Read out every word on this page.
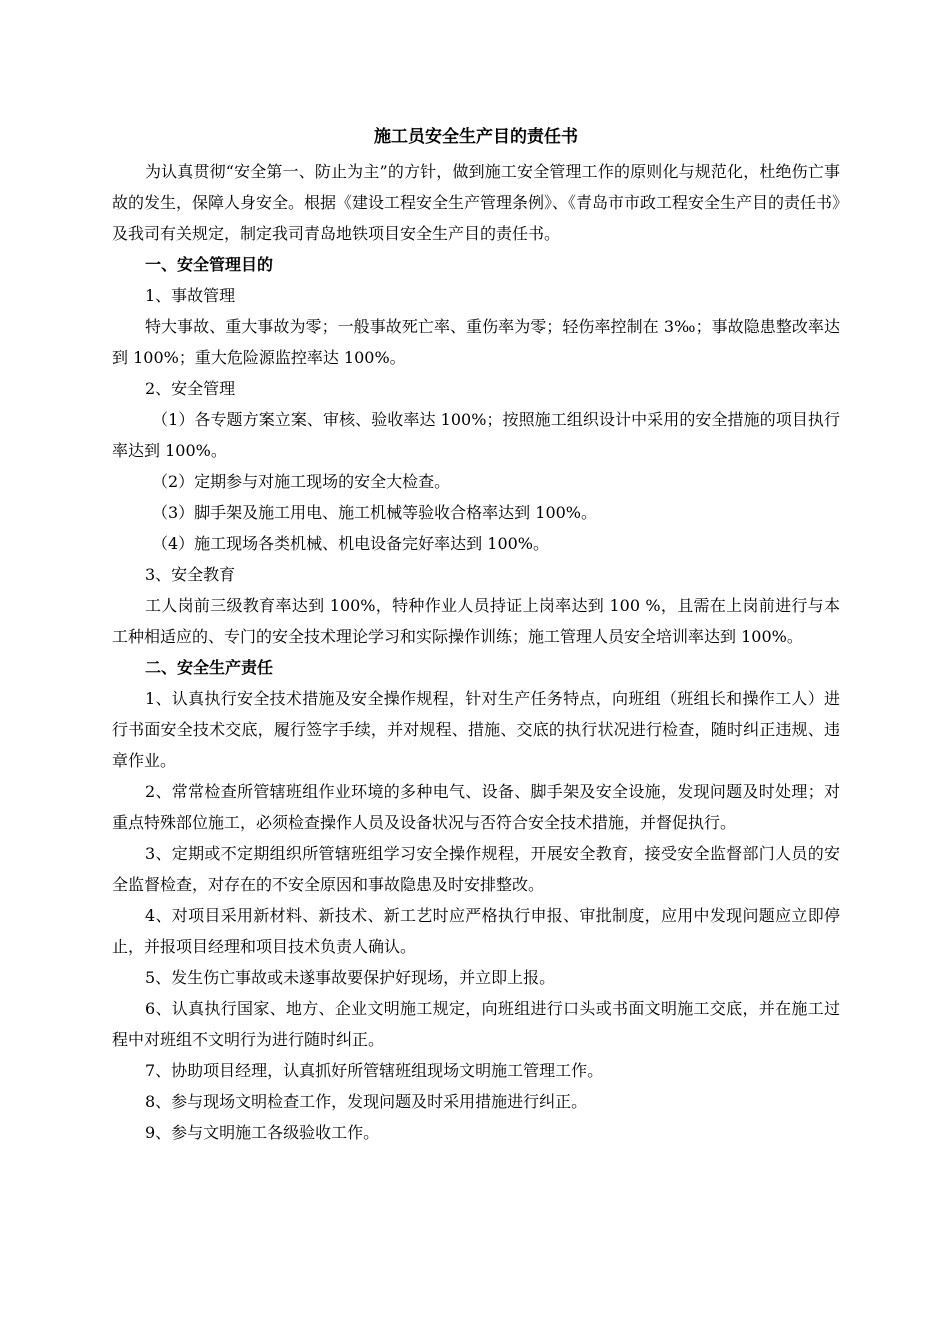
施工员安全生产目的责任书

为认真贯彻“安全第一、防止为主”的方针，做到施工安全管理工作的原则化与规范化，杜绝伤亡事故的发生，保障人身安全。根据《建设工程安全生产管理条例》、《青岛市市政工程安全生产目的责任书》及我司有关规定，制定我司青岛地铁项目安全生产目的责任书。

一、安全管理目的
1、事故管理

特大事故、重大事故为零；一般事故死亡率、重伤率为零；轻伤率控制在 3‰；事故隐患整改率达到 100%；重大危险源监控率达 100%。

2、安全管理

（1）各专题方案立案、审核、验收率达 100%；按照施工组织设计中采用的安全措施的项目执行率达到 100%。

（2）定期参与对施工现场的安全大检查。

（3）脚手架及施工用电、施工机械等验收合格率达到 100%。

（4）施工现场各类机械、机电设备完好率达到 100%。

3、安全教育

工人岗前三级教育率达到 100%，特种作业人员持证上岗率达到 100 %，且需在上岗前进行与本工种相适应的、专门的安全技术理论学习和实际操作训练；施工管理人员安全培训率达到 100%。

二、安全生产责任

1、认真执行安全技术措施及安全操作规程，针对生产任务特点，向班组（班组长和操作工人）进行书面安全技术交底，履行签字手续，并对规程、措施、交底的执行状况进行检查，随时纠正违规、违章作业。

2、常常检查所管辖班组作业环境的多种电气、设备、脚手架及安全设施，发现问题及时处理；对重点特殊部位施工，必须检查操作人员及设备状况与否符合安全技术措施，并督促执行。

3、定期或不定期组织所管辖班组学习安全操作规程，开展安全教育，接受安全监督部门人员的安全监督检查，对存在的不安全原因和事故隐患及时安排整改。

4、对项目采用新材料、新技术、新工艺时应严格执行申报、审批制度，应用中发现问题应立即停止，并报项目经理和项目技术负责人确认。

5、发生伤亡事故或未遂事故要保护好现场，并立即上报。

6、认真执行国家、地方、企业文明施工规定，向班组进行口头或书面文明施工交底，并在施工过程中对班组不文明行为进行随时纠正。

7、协助项目经理，认真抓好所管辖班组现场文明施工管理工作。

8、参与现场文明检查工作，发现问题及时采用措施进行纠正。

9、参与文明施工各级验收工作。
